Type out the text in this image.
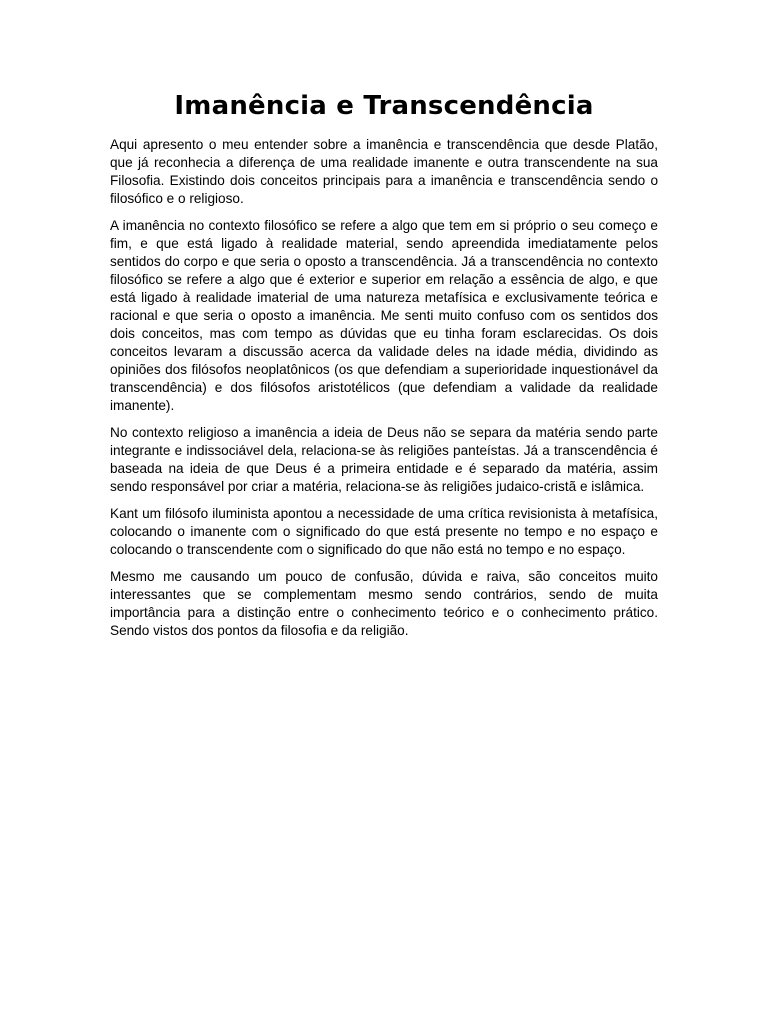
Imanência e Transcendência

Aqui apresento o meu entender sobre a imanência e transcendência que desde Platão, que já reconhecia a diferença de uma realidade imanente e outra transcendente na sua Filosofia. Existindo dois conceitos principais para a imanência e transcendência sendo o filosófico e o religioso.

A imanência no contexto filosófico se refere a algo que tem em si próprio o seu começo e fim, e que está ligado à realidade material, sendo apreendida imediatamente pelos sentidos do corpo e que seria o oposto a transcendência. Já a transcendência no contexto filosófico se refere a algo que é exterior e superior em relação a essência de algo, e que está ligado à realidade imaterial de uma natureza metafísica e exclusivamente teórica e racional e que seria o oposto a imanência. Me senti muito confuso com os sentidos dos dois conceitos, mas com tempo as dúvidas que eu tinha foram esclarecidas. Os dois conceitos levaram a discussão acerca da validade deles na idade média, dividindo as opiniões dos filósofos neoplatônicos (os que defendiam a superioridade inquestionável da transcendência) e dos filósofos aristotélicos (que defendiam a validade da realidade imanente).

No contexto religioso a imanência a ideia de Deus não se separa da matéria sendo parte integrante e indissociável dela, relaciona-se às religiões panteístas. Já a transcendência é baseada na ideia de que Deus é a primeira entidade e é separado da matéria, assim sendo responsável por criar a matéria, relaciona-se às religiões judaico-cristã e islâmica.

Kant um filósofo iluminista apontou a necessidade de uma crítica revisionista à metafísica, colocando o imanente com o significado do que está presente no tempo e no espaço e colocando o transcendente com o significado do que não está no tempo e no espaço.

Mesmo me causando um pouco de confusão, dúvida e raiva, são conceitos muito interessantes que se complementam mesmo sendo contrários, sendo de muita importância para a distinção entre o conhecimento teórico e o conhecimento prático. Sendo vistos dos pontos da filosofia e da religião.
